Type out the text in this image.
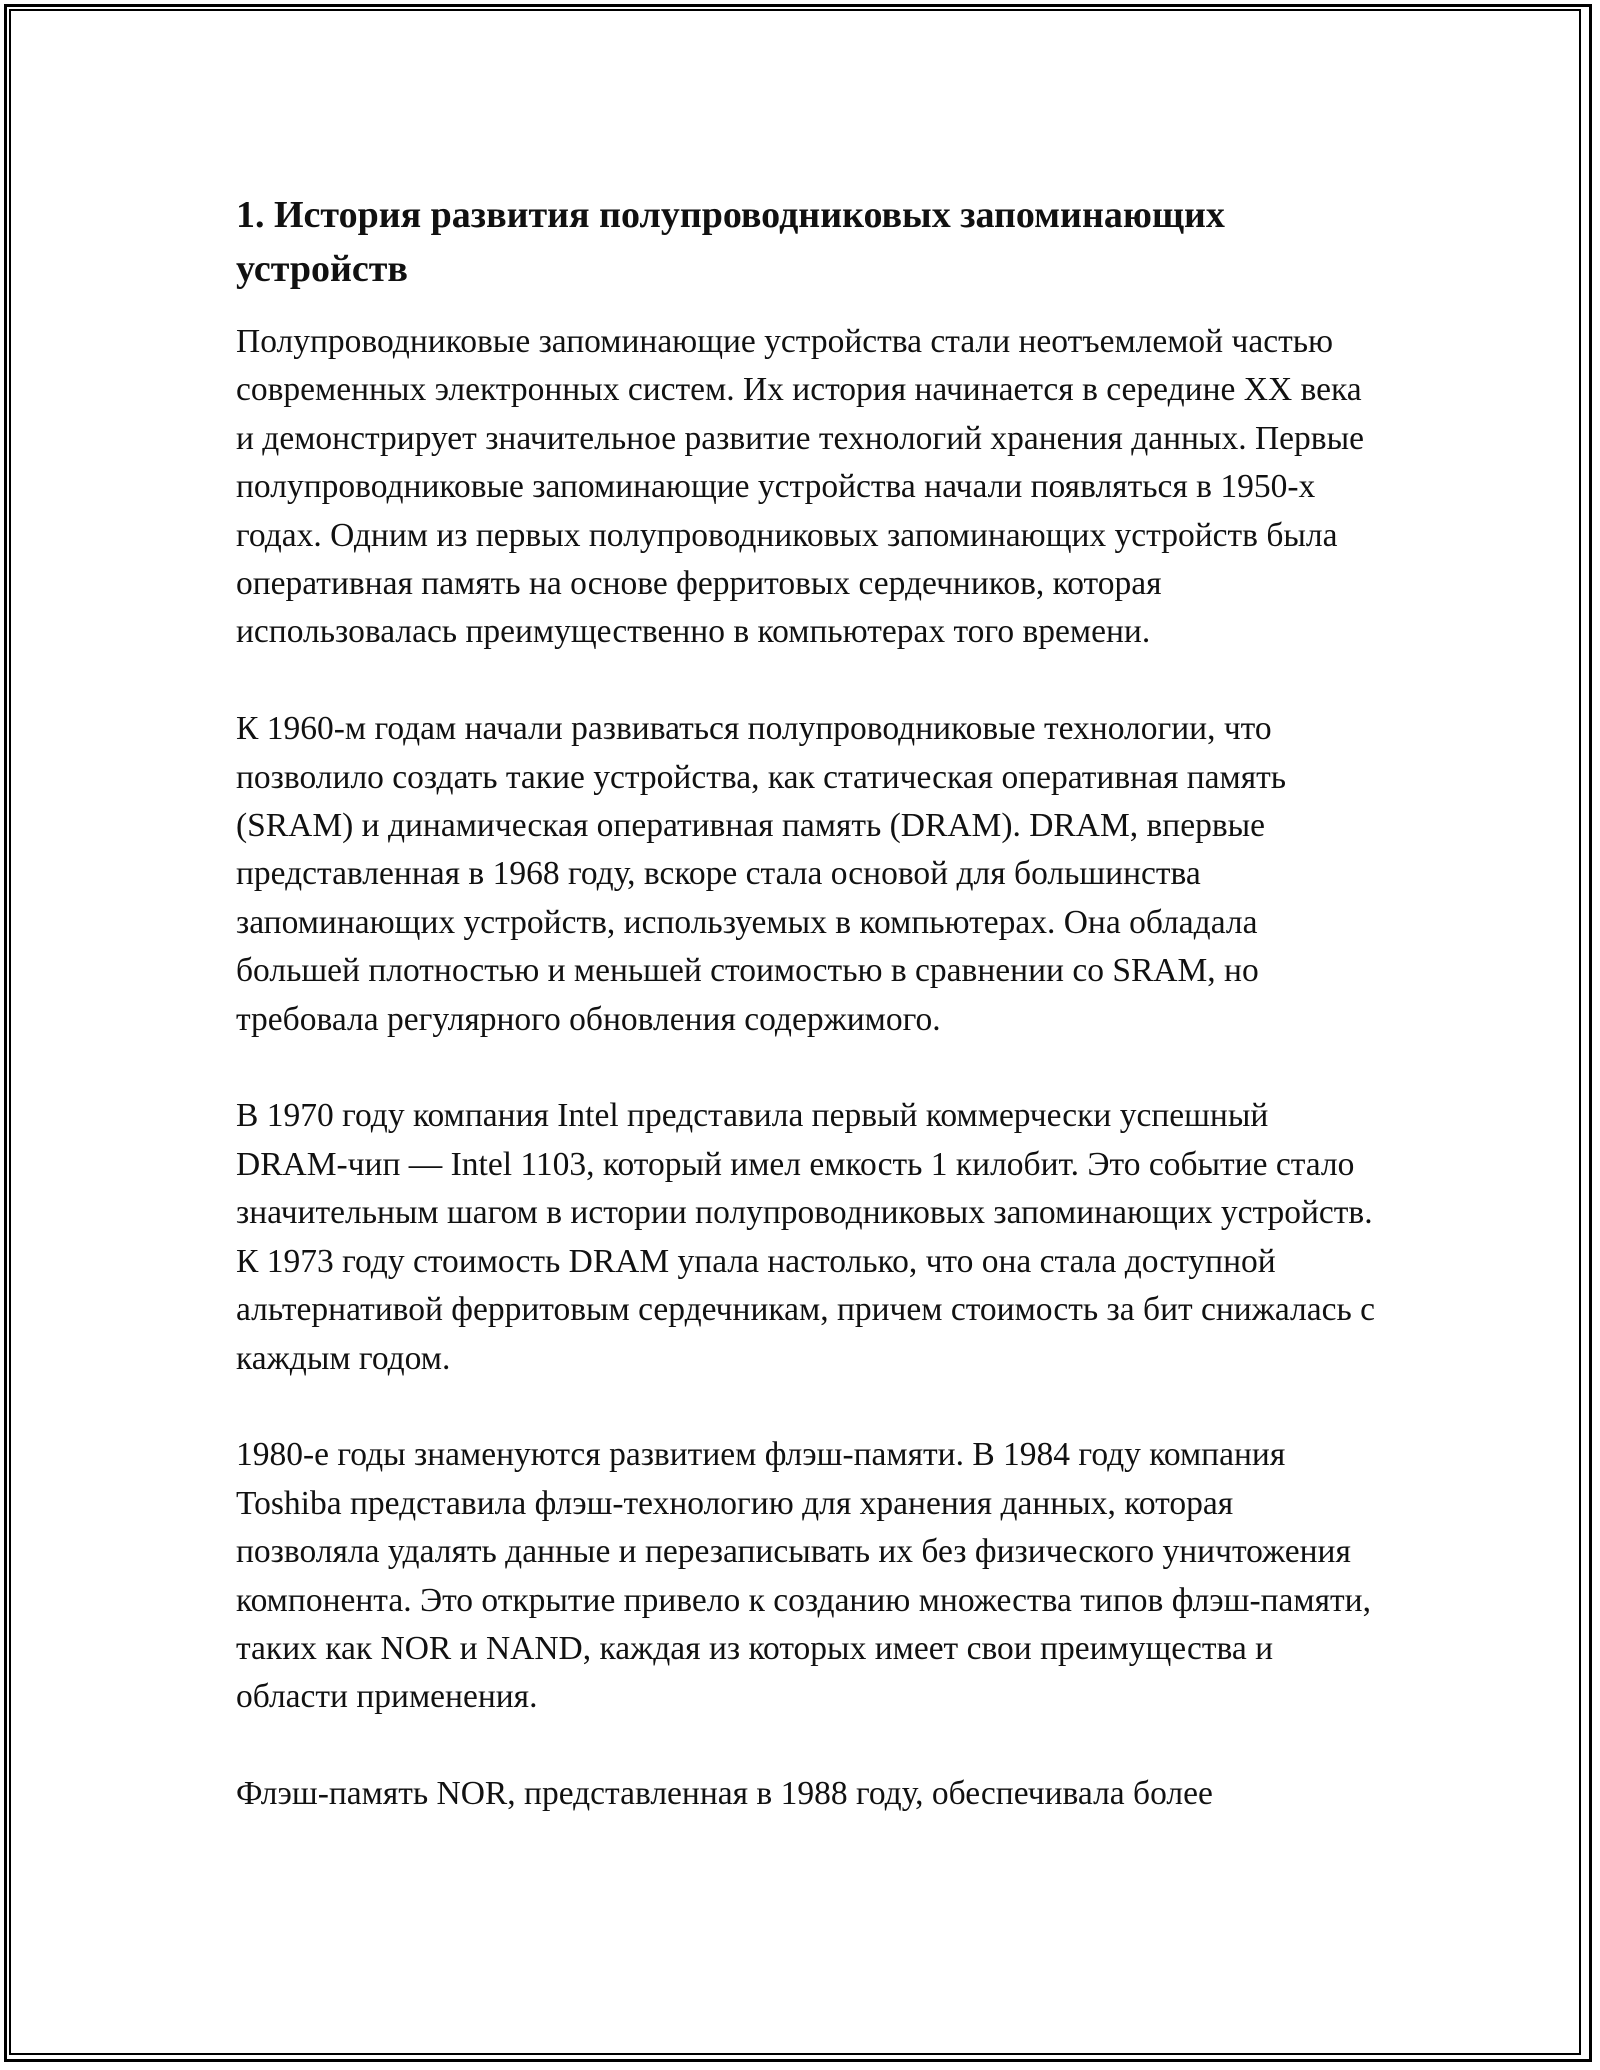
1. История развития полупроводниковых запоминающих устройств

Полупроводниковые запоминающие устройства стали неотъемлемой частью современных электронных систем. Их история начинается в середине XX века и демонстрирует значительное развитие технологий хранения данных. Первые полупроводниковые запоминающие устройства начали появляться в 1950-х годах. Одним из первых полупроводниковых запоминающих устройств была оперативная память на основе ферритовых сердечников, которая использовалась преимущественно в компьютерах того времени.

К 1960-м годам начали развиваться полупроводниковые технологии, что позволило создать такие устройства, как статическая оперативная память (SRAM) и динамическая оперативная память (DRAM). DRAM, впервые представленная в 1968 году, вскоре стала основой для большинства запоминающих устройств, используемых в компьютерах. Она обладала большей плотностью и меньшей стоимостью в сравнении со SRAM, но требовала регулярного обновления содержимого.

В 1970 году компания Intel представила первый коммерчески успешный DRAM-чип — Intel 1103, который имел емкость 1 килобит. Это событие стало значительным шагом в истории полупроводниковых запоминающих устройств. К 1973 году стоимость DRAM упала настолько, что она стала доступной альтернативой ферритовым сердечникам, причем стоимость за бит снижалась с каждым годом.

1980-е годы знаменуются развитием флэш-памяти. В 1984 году компания Toshiba представила флэш-технологию для хранения данных, которая позволяла удалять данные и перезаписывать их без физического уничтожения компонента. Это открытие привело к созданию множества типов флэш-памяти, таких как NOR и NAND, каждая из которых имеет свои преимущества и области применения.

Флэш-память NOR, представленная в 1988 году, обеспечивала более
